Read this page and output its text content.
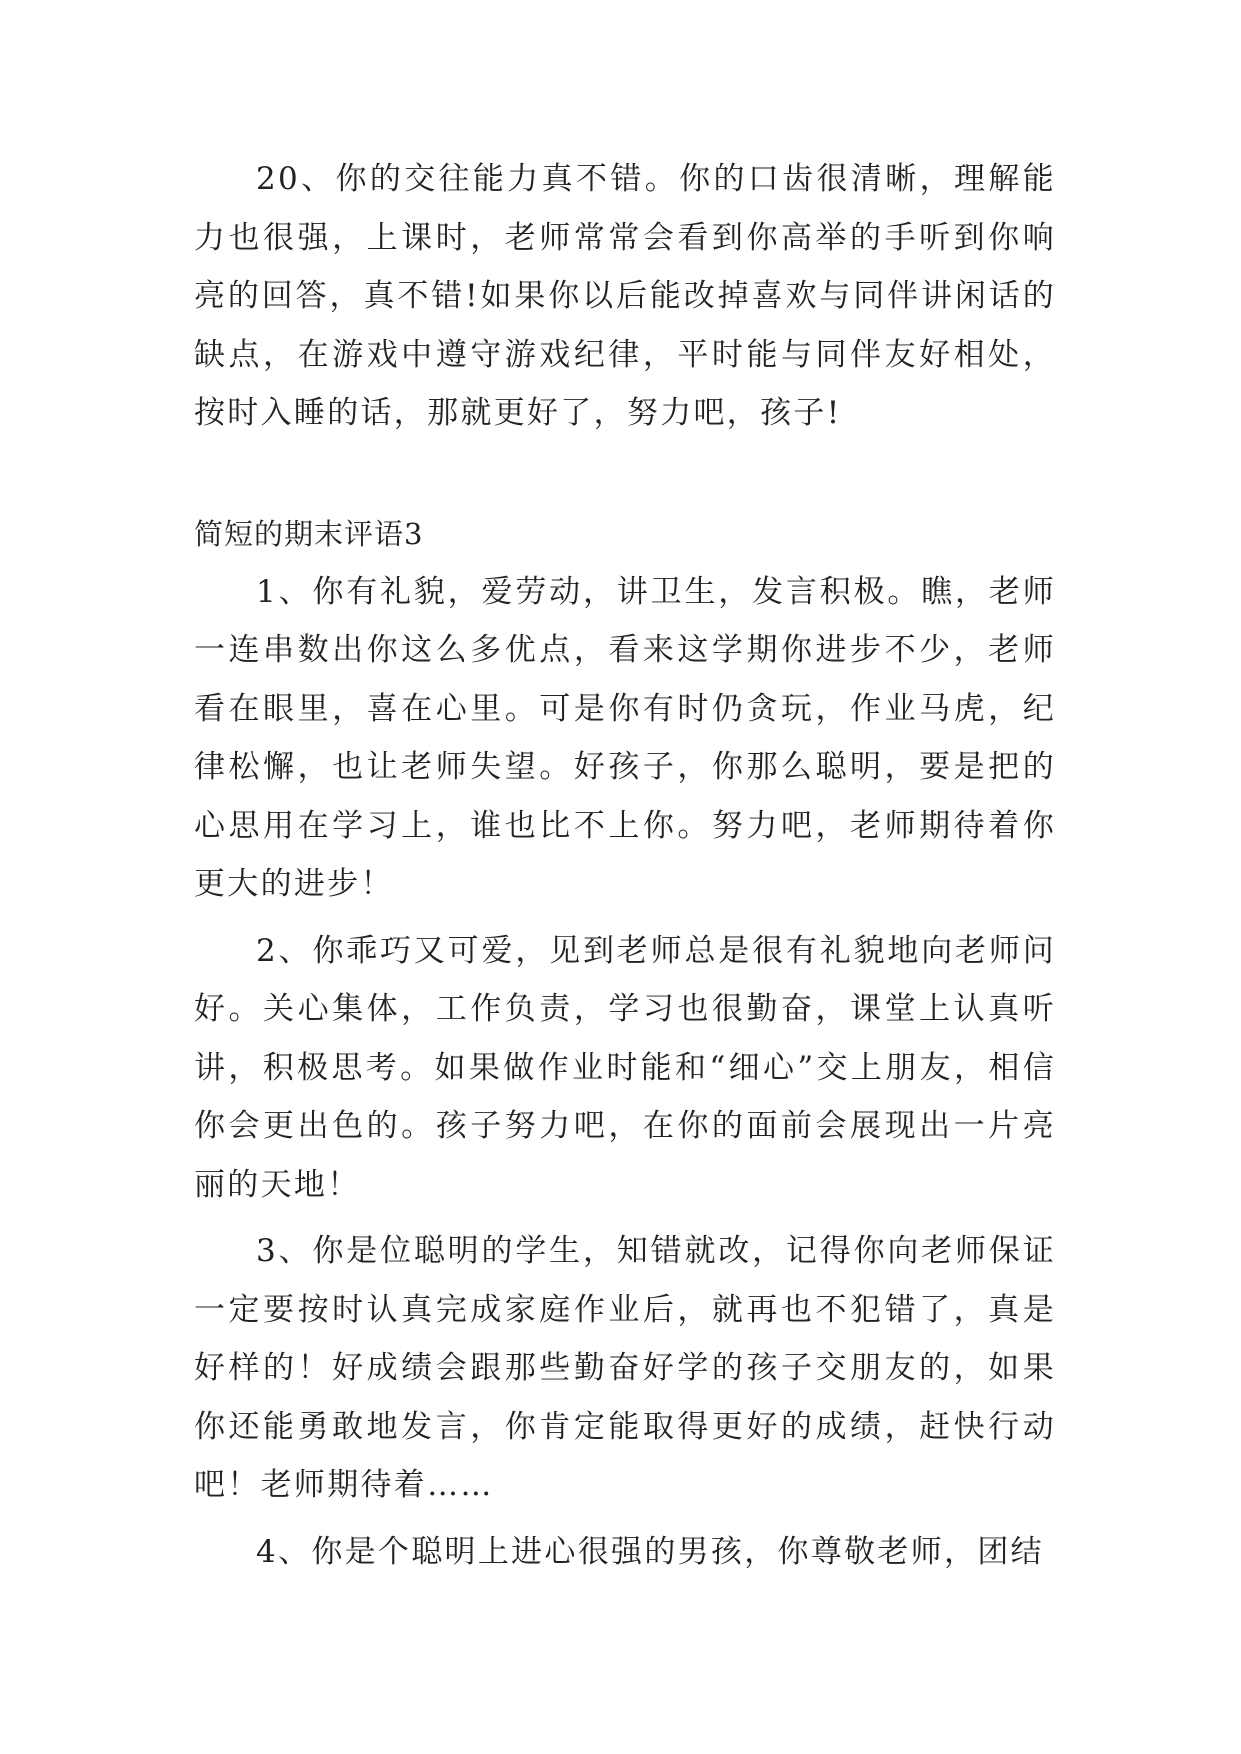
20、你的交往能力真不错。你的口齿很清晰，理解能力也很强，上课时，老师常常会看到你高举的手听到你响亮的回答，真不错!如果你以后能改掉喜欢与同伴讲闲话的缺点，在游戏中遵守游戏纪律，平时能与同伴友好相处，按时入睡的话，那就更好了，努力吧，孩子!

简短的期末评语3

1、你有礼貌，爱劳动，讲卫生，发言积极。瞧，老师一连串数出你这么多优点，看来这学期你进步不少，老师看在眼里，喜在心里。可是你有时仍贪玩，作业马虎，纪律松懈，也让老师失望。好孩子，你那么聪明，要是把的心思用在学习上，谁也比不上你。努力吧，老师期待着你更大的进步！

2、你乖巧又可爱，见到老师总是很有礼貌地向老师问好。关心集体，工作负责，学习也很勤奋，课堂上认真听讲，积极思考。如果做作业时能和“细心”交上朋友，相信你会更出色的。孩子努力吧，在你的面前会展现出一片亮丽的天地！

3、你是位聪明的学生，知错就改，记得你向老师保证一定要按时认真完成家庭作业后，就再也不犯错了，真是好样的！好成绩会跟那些勤奋好学的孩子交朋友的，如果你还能勇敢地发言，你肯定能取得更好的成绩，赶快行动吧！老师期待着……

4、你是个聪明上进心很强的男孩，你尊敬老师，团结
